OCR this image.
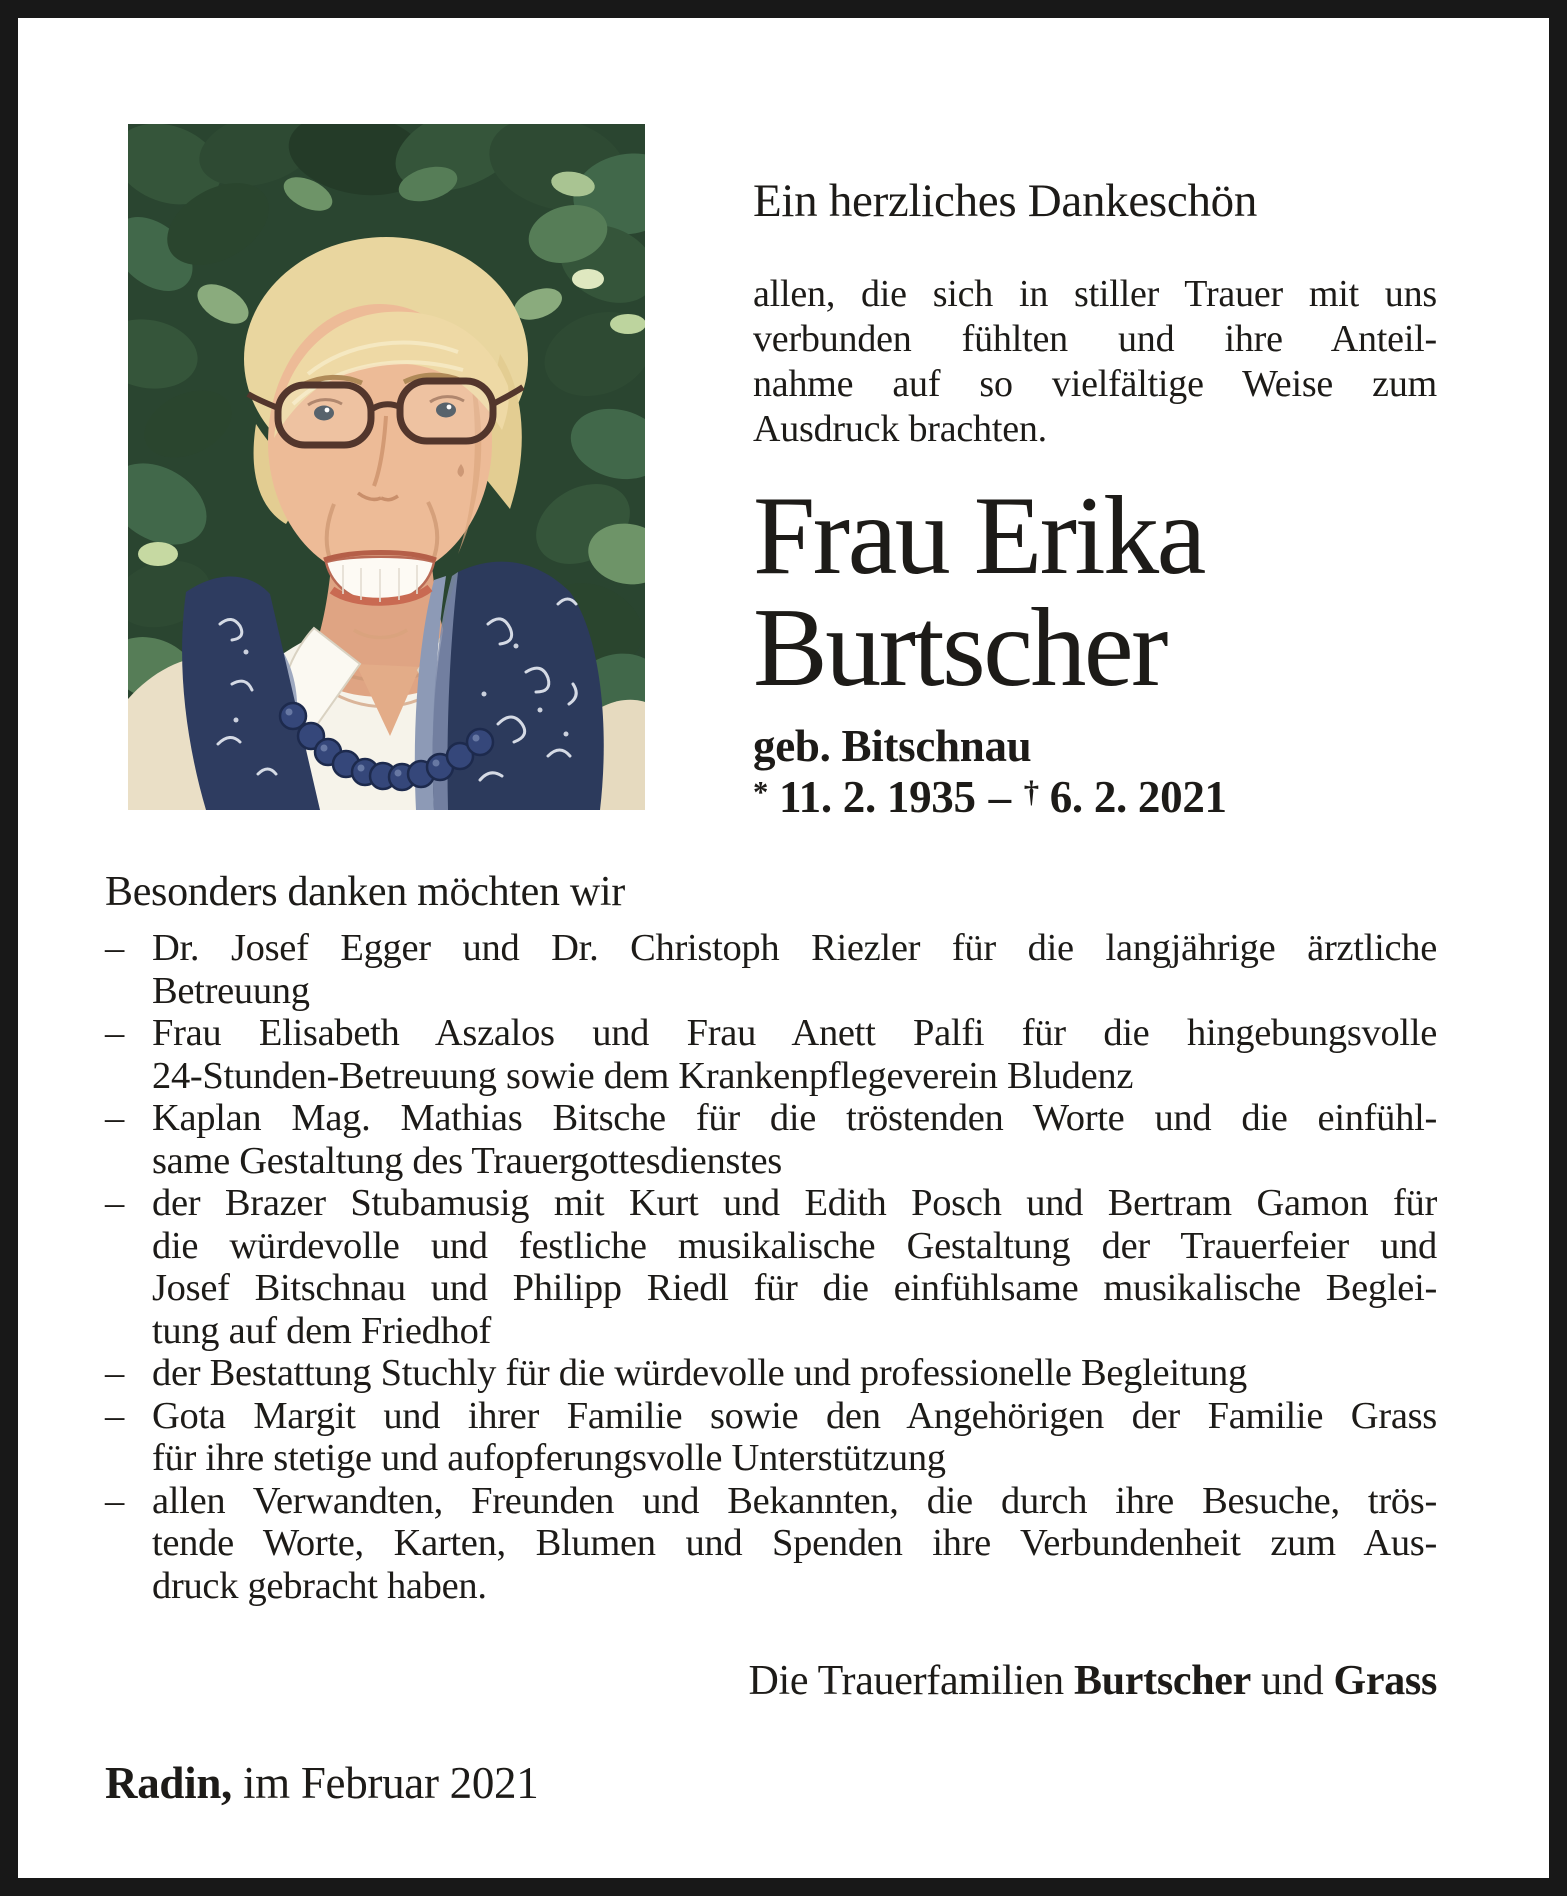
Ein herzliches Dankeschön
allen, die sich in stiller Trauer mit uns
verbunden fühlten und ihre Anteil-
nahme auf so vielfältige Weise zum
Ausdruck brachten.
Frau Erika
Burtscher
geb. Bitschnau
* 11. 2. 1935 – † 6. 2. 2021
Besonders danken möchten wir
– Dr. Josef Egger und Dr. Christoph Riezler für die langjährige ärztliche
Betreuung
– Frau Elisabeth Aszalos und Frau Anett Palfi für die hingebungsvolle
24-Stunden-Betreuung sowie dem Krankenpflegeverein Bludenz
– Kaplan Mag. Mathias Bitsche für die tröstenden Worte und die einfühl-
same Gestaltung des Trauergottesdienstes
– der Brazer Stubamusig mit Kurt und Edith Posch und Bertram Gamon für
die würdevolle und festliche musikalische Gestaltung der Trauerfeier und
Josef Bitschnau und Philipp Riedl für die einfühlsame musikalische Beglei-
tung auf dem Friedhof
– der Bestattung Stuchly für die würdevolle und professionelle Begleitung
– Gota Margit und ihrer Familie sowie den Angehörigen der Familie Grass
für ihre stetige und aufopferungsvolle Unterstützung
– allen Verwandten, Freunden und Bekannten, die durch ihre Besuche, trös-
tende Worte, Karten, Blumen und Spenden ihre Verbundenheit zum Aus-
druck gebracht haben.
Die Trauerfamilien Burtscher und Grass
Radin, im Februar 2021
